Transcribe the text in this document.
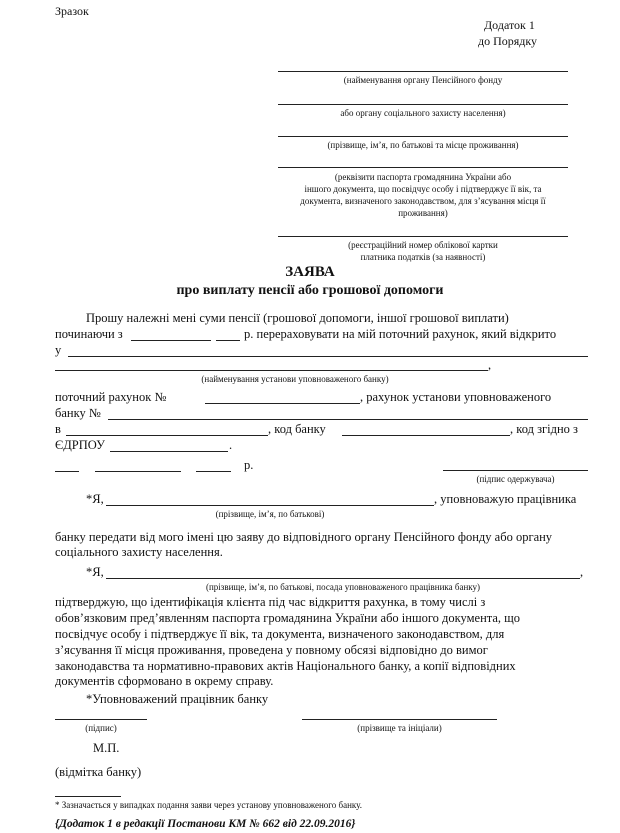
Зразок
Додаток 1
до Порядку
(найменування органу Пенсійного фонду
або органу соціального захисту населення)
(прізвище, ім’я, по батькові та місце проживання)
(реквізити паспорта громадянина України або
іншого документа, що посвідчує особу і підтверджує її вік, та
документа, визначеного законодавством, для з’ясування місця її
проживання)
(реєстраційний номер облікової картки
платника податків (за наявності)
ЗАЯВА
про виплату пенсії або грошової допомоги
Прошу належні мені суми пенсії (грошової допомоги, іншої грошової виплати)
починаючи з	р. перераховувати на мій поточний рахунок, який відкрито
у
,
(найменування установи уповноваженого банку)
поточний рахунок №	, рахунок установи уповноваженого
банку №
в	, код банку	, код згідно з
ЄДРПОУ	.
р.
(підпис одержувача)
*Я,	, уповноважую працівника
(прізвище, ім’я, по батькові)
банку передати від мого імені цю заяву до відповідного органу Пенсійного фонду або органу
соціального захисту населення.
*Я,	,
(прізвище, ім’я, по батькові, посада уповноваженого працівника банку)
підтверджую, що ідентифікація клієнта під час відкриття рахунка, в тому числі з
обов’язковим пред’явленням паспорта громадянина України або іншого документа, що
посвідчує особу і підтверджує її вік, та документа, визначеного законодавством, для
з’ясування її місця проживання, проведена у повному обсязі відповідно до вимог
законодавства та нормативно-правових актів Національного банку, а копії відповідних
документів сформовано в окрему справу.
*Уповноважений працівник банку
(підпис)	(прізвище та ініціали)
М.П.
(відмітка банку)
* Зазначається у випадках подання заяви через установу уповноваженого банку.
{Додаток 1 в редакції Постанови КМ № 662 від 22.09.2016}
